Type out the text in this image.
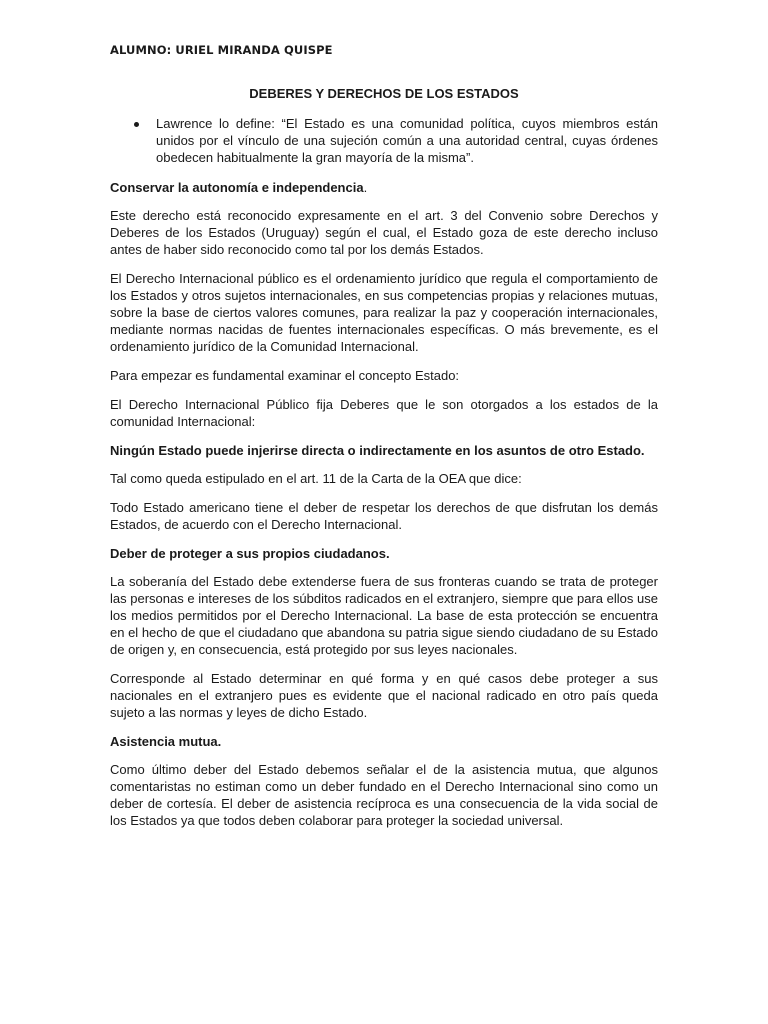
ALUMNO: URIEL MIRANDA QUISPE
DEBERES Y DERECHOS DE LOS ESTADOS

Lawrence lo define: “El Estado es una comunidad política, cuyos miembros están unidos por el vínculo de una sujeción común a una autoridad central, cuyas órdenes obedecen habitualmente la gran mayoría de la misma”.

Conservar la autonomía e independencia.

Este derecho está reconocido expresamente en el art. 3 del Convenio sobre Derechos y Deberes de los Estados (Uruguay) según el cual, el Estado goza de este derecho incluso antes de haber sido reconocido como tal por los demás Estados.

El Derecho Internacional público es el ordenamiento jurídico que regula el comportamiento de los Estados y otros sujetos internacionales, en sus competencias propias y relaciones mutuas, sobre la base de ciertos valores comunes, para realizar la paz y cooperación internacionales, mediante normas nacidas de fuentes internacionales específicas. O más brevemente, es el ordenamiento jurídico de la Comunidad Internacional.

Para empezar es fundamental examinar el concepto Estado:

El Derecho Internacional Público fija Deberes que le son otorgados a los estados de la comunidad Internacional:

Ningún Estado puede injerirse directa o indirectamente en los asuntos de otro Estado.

Tal como queda estipulado en el art. 11 de la Carta de la OEA que dice:

Todo Estado americano tiene el deber de respetar los derechos de que disfrutan los demás Estados, de acuerdo con el Derecho Internacional.

Deber de proteger a sus propios ciudadanos.

La soberanía del Estado debe extenderse fuera de sus fronteras cuando se trata de proteger las personas e intereses de los súbditos radicados en el extranjero, siempre que para ellos use los medios permitidos por el Derecho Internacional. La base de esta protección se encuentra en el hecho de que el ciudadano que abandona su patria sigue siendo ciudadano de su Estado de origen y, en consecuencia, está protegido por sus leyes nacionales.

Corresponde al Estado determinar en qué forma y en qué casos debe proteger a sus nacionales en el extranjero pues es evidente que el nacional radicado en otro país queda sujeto a las normas y leyes de dicho Estado.

Asistencia mutua.

Como último deber del Estado debemos señalar el de la asistencia mutua, que algunos comentaristas no estiman como un deber fundado en el Derecho Internacional sino como un deber de cortesía. El deber de asistencia recíproca es una consecuencia de la vida social de los Estados ya que todos deben colaborar para proteger la sociedad universal.
